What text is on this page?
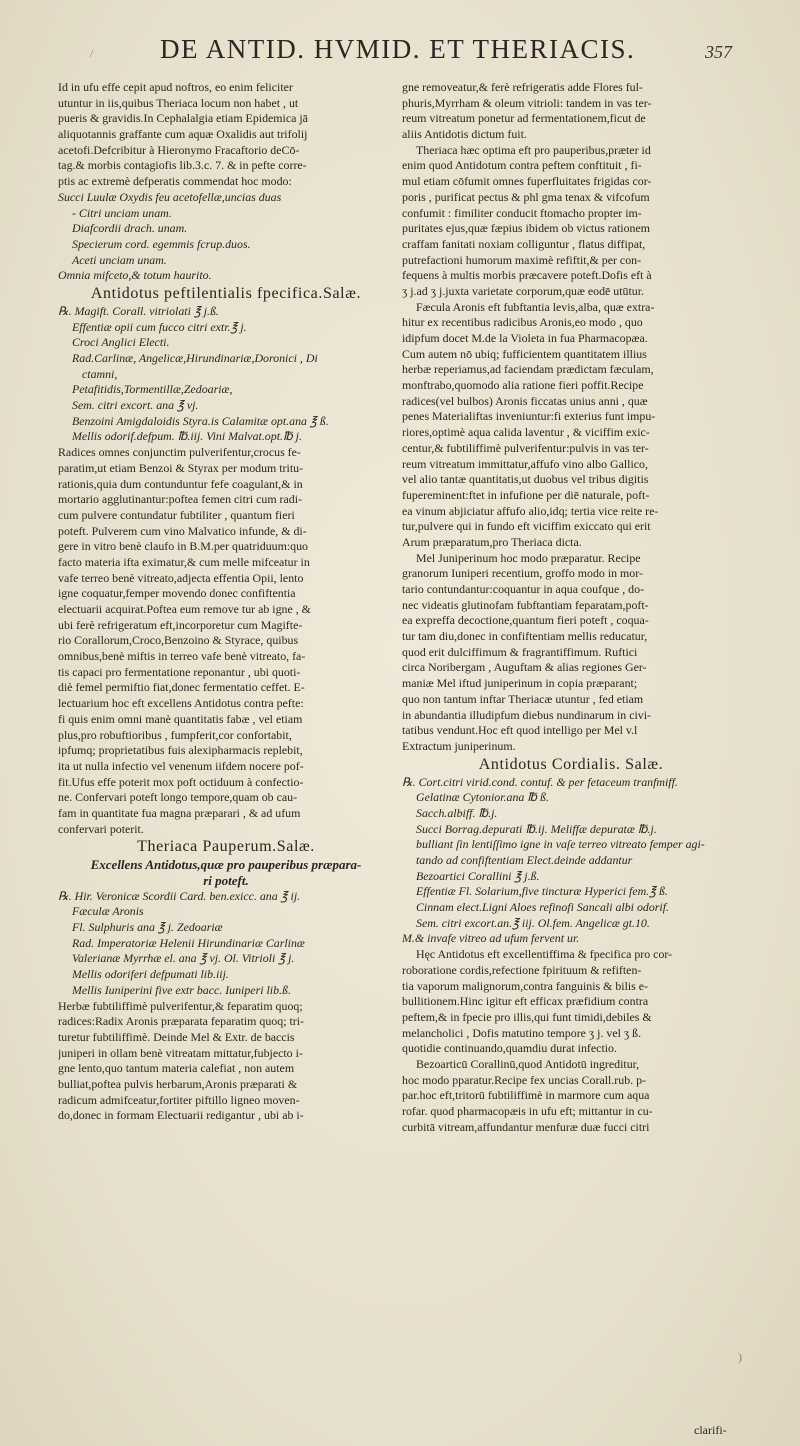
/ DE ANTID. HVMID. ET THERIACIS.	357
Id in ufu effe cepit apud noftros, eo enim feliciter
utuntur in iis,quibus Theriaca locum non habet , ut
pueris & gravidis.In Cephalalgia etiam Epidemica jā
aliquotannis graffante cum aquæ Oxalidis aut trifolij
acetofi.Defcribitur à Hieronymo Fracaftorio deCō-
tag.& morbis contagiofis lib.3.c. 7. & in pefte corre-
ptis ac extremè defperatis commendat hoc modo:
Succi Luulæ Oxydis feu acetofellæ,uncias duas
- Citri unciam unam.
Diafcordii drach. unam.
Specierum cord. egemmis fcrup.duos.
Aceti unciam unam.
Omnia mifceto,& totum haurito.
Antidotus peftilentialis fpecifica.Salæ.
℞. Magift. Corall. vitriolati ℥ j.ß.
Effentiæ opii cum fucco citri extr.℥ j.
Croci Anglici Electi.
Rad.Carlinæ, Angelicæ,Hirundinariæ,Doronici , Di
ctamni,
Petafitidis,Tormentillæ,Zedoariæ,
Sem. citri excort. ana ℥ vj.
Benzoini Amigdaloidis Styra.is Calamitæ opt.ana ℥ ß.
Mellis odorif.defpum. ℔.iij. Vini Malvat.opt.℔ j.
Radices omnes conjunctim pulverifentur,crocus fe-
paratim,ut etiam Benzoi & Styrax per modum tritu-
rationis,quia dum contunduntur fefe coagulant,& in
mortario agglutinantur:poftea femen citri cum radi-
cum pulvere contundatur fubtiliter , quantum fieri
poteft. Pulverem cum vino Malvatico infunde, & di-
gere in vitro benè claufo in B.M.per quatriduum:quo
facto materia ifta eximatur,& cum melle mifceatur in
vafe terreo benè vitreato,adjecta effentia Opii, lento
igne coquatur,femper movendo donec confiftentia
electuarii acquirat.Poftea eum remove tur ab igne , &
ubi ferè refrigeratum eft,incorporetur cum Magifte-
rio Corallorum,Croco,Benzoino & Styrace, quibus
omnibus,benè miftis in terreo vafe benè vitreato, fa-
tis capaci pro fermentatione reponantur , ubi quoti-
diè femel permiftio fiat,donec fermentatio ceffet. E-
lectuarium hoc eft excellens Antidotus contra pefte:
fi quis enim omni manè quantitatis fabæ , vel etiam
plus,pro robuftioribus , fumpferit,cor confortabit,
ipfumq; proprietatibus fuis alexipharmacis replebit,
ita ut nulla infectio vel venenum iifdem nocere pof-
fit.Ufus effe poterit mox poft octiduum à confectio-
ne. Confervari poteft longo tempore,quam ob cau-
fam in quantitate fua magna præparari , & ad ufum
confervari poterit.
Theriaca Pauperum.Salæ.
Excellens Antidotus,quæ pro pauperibus præpara-
ri poteft.
℞. Hir. Veronicæ Scordii Card. ben.exicc. ana ℥ ij.
Fæculæ Aronis
Fl. Sulphuris ana ℥ j. Zedoariæ
Rad. Imperatoriæ Helenii Hirundinariæ Carlinæ
Valerianæ Myrrhæ el. ana ℥ vj. Ol. Vitrioli ℥ j.
Mellis odoriferi defpumati lib.iij.
Mellis Iuniperini five extr bacc. Iuniperi lib.ß.
Herbæ fubtiliffimè pulverifentur,& feparatim quoq;
radices:Radix Aronis præparata feparatim quoq; tri-
turetur fubtiliffimè. Deinde Mel & Extr. de baccis
juniperi in ollam benè vitreatam mittatur,fubjecto i-
gne lento,quo tantum materia calefiat , non autem
bulliat,poftea pulvis herbarum,Aronis præparati &
radicum admifceatur,fortiter piftillo ligneo moven-
do,donec in formam Electuarii redigantur , ubi ab i-
gne removeatur,& ferè refrigeratis adde Flores ful-
phuris,Myrrham & oleum vitrioli: tandem in vas ter-
reum vitreatum ponetur ad fermentationem,ficut de
aliis Antidotis dictum fuit.
Theriaca hæc optima eft pro pauperibus,præter id
enim quod Antidotum contra peftem conftituit , fi-
mul etiam cōfumit omnes fuperfluitates frigidas cor-
poris , purificat pectus & phl gma tenax & vifcofum
confumit : fimiliter conducit ftomacho propter im-
puritates ejus,quæ fæpius ibidem ob victus rationem
craffam fanitati noxiam colliguntur , flatus diffipat,
putrefactioni humorum maximè refiftit,& per con-
fequens à multis morbis præcavere poteft.Dofis eft à
ʒ j.ad ʒ j.juxta varietate corporum,quæ eodē utūtur.
Fæcula Aronis eft fubftantia levis,alba, quæ extra-
hitur ex recentibus radicibus Aronis,eo modo , quo
idipfum docet M.de la Violeta in fua Pharmacopæa.
Cum autem nō ubiq; fufficientem quantitatem illius
herbæ reperiamus,ad faciendam prædictam fæculam,
monftrabo,quomodo alia ratione fieri poffit.Recipe
radices(vel bulbos) Aronis ficcatas unius anni , quæ
penes Materialiftas inveniuntur:fi exterius funt impu-
riores,optimè aqua calida laventur , & viciffim exic-
centur,& fubtiliffimè pulverifentur:pulvis in vas ter-
reum vitreatum immittatur,affufo vino albo Gallico,
vel alio tantæ quantitatis,ut duobus vel tribus digitis
fupereminent:ftet in infufione per diē naturale, poft-
ea vinum abjiciatur affufo alio,idq; tertia vice reite re-
tur,pulvere qui in fundo eft viciffim exiccato qui erit
Arum præparatum,pro Theriaca dicta.
Mel Juniperinum hoc modo præparatur. Recipe
granorum Iuniperi recentium, groffo modo in mor-
tario contundantur:coquantur in aqua coufque , do-
nec videatis glutinofam fubftantiam feparatam,poft-
ea expreffa decoctione,quantum fieri poteft , coqua-
tur tam diu,donec in confiftentiam mellis reducatur,
quod erit dulciffimum & fragrantiffimum. Ruftici
circa Noribergam , Auguftam & alias regiones Ger-
maniæ Mel iftud juniperinum in copia præparant;
quo non tantum inftar Theriacæ utuntur , fed etiam
in abundantia illudipfum diebus nundinarum in civi-
tatibus vendunt.Hoc eft quod intelligo per Mel v.l
Extractum juniperinum.
Antidotus Cordialis. Salæ.
℞. Cort.citri virid.cond. contuf. & per fetaceum tranfmiff.
Gelatinæ Cytonior.ana ℔ ß.
Sacch.albiff. ℔.j.
Succi Borrag.depurati ℔.ij. Meliffæ depuratæ ℔.j.
bulliant ſin lentiſſimo igne in vaſe terreo vitreato femper agi-
tando ad confiftentiam Elect.deinde addantur
Bezoartici Corallini ℥ j.ß.
Effentiæ Fl. Solarium,five tincturæ Hyperici fem.℥ ß.
Cinnam elect.Ligni Aloes refinofi Sancali albi odorif.
Sem. citri excort.an.℥ iij. Ol.fem. Angelicæ gt.10.
M.& invafe vitreo ad ufum fervent ur.
Hęc Antidotus eft excellentiffima & fpecifica pro cor-
roboratione cordis,refectione fpirituum & refiften-
tia vaporum malignorum,contra fanguinis & bilis e-
bullitionem.Hinc igitur eft efficax præfidium contra
peftem,& in fpecie pro illis,qui funt timidi,debiles &
melancholici , Dofis matutino tempore ʒ j. vel ʒ ß.
quotidie continuando,quamdiu durat infectio.
Bezoarticū Corallinū,quod Antidotū ingreditur,
hoc modo pparatur.Recipe fex uncias Corall.rub. p-
par.hoc eft,tritorū fubtiliffimè in marmore cum aqua
rofar. quod pharmacopæis in ufu eft; mittantur in cu-
curbitā vitream,affundantur menfuræ duæ fucci citri
)
clarifi-
